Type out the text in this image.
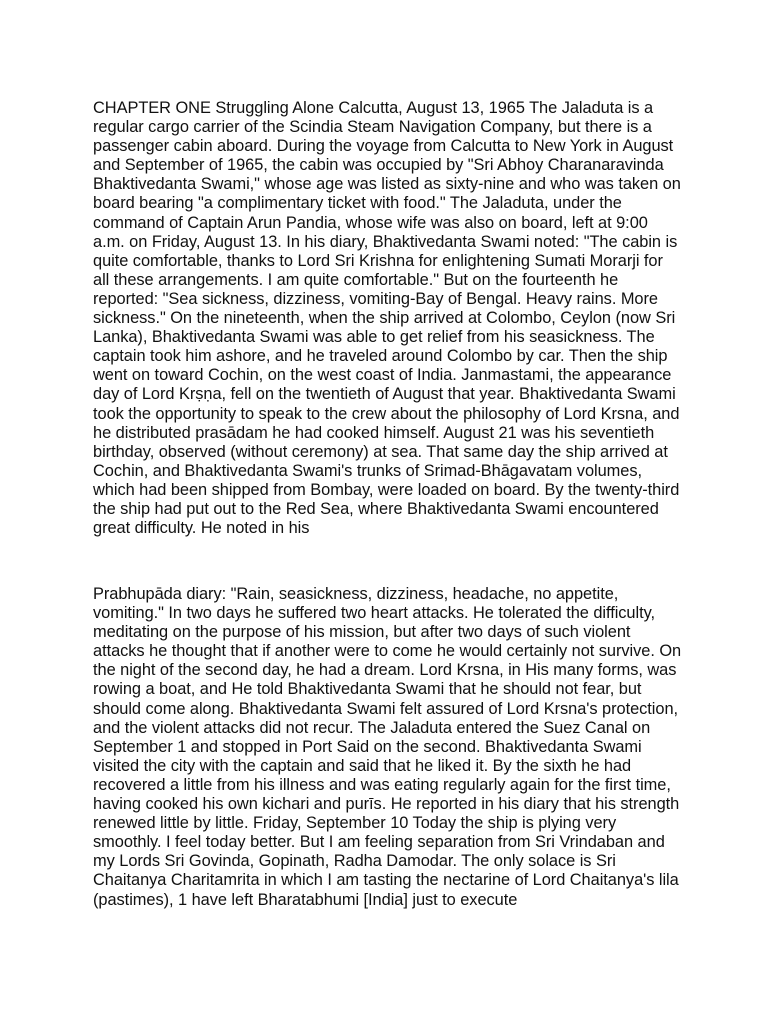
CHAPTER ONE Struggling Alone Calcutta, August 13, 1965 The Jaladuta is a regular cargo carrier of the Scindia Steam Navigation Company, but there is a passenger cabin aboard. During the voyage from Calcutta to New York in August and September of 1965, the cabin was occupied by "Sri Abhoy Charanaravinda Bhaktivedanta Swami," whose age was listed as sixty-nine and who was taken on board bearing "a complimentary ticket with food." The Jaladuta, under the command of Captain Arun Pandia, whose wife was also on board, left at 9:00 a.m. on Friday, August 13. In his diary, Bhaktivedanta Swami noted: "The cabin is quite comfortable, thanks to Lord Sri Krishna for enlightening Sumati Morarji for all these arrangements. I am quite comfortable." But on the fourteenth he reported: "Sea sickness, dizziness, vomiting-Bay of Bengal. Heavy rains. More sickness." On the nineteenth, when the ship arrived at Colombo, Ceylon (now Sri Lanka), Bhaktivedanta Swami was able to get relief from his seasickness. The captain took him ashore, and he traveled around Colombo by car. Then the ship went on toward Cochin, on the west coast of India. Janmastami, the appearance day of Lord Krṣṇa, fell on the twentieth of August that year. Bhaktivedanta Swami took the opportunity to speak to the crew about the philosophy of Lord Krsna, and he distributed prasādam he had cooked himself. August 21 was his seventieth birthday, observed (without ceremony) at sea. That same day the ship arrived at Cochin, and Bhaktivedanta Swami's trunks of Srimad-Bhāgavatam volumes, which had been shipped from Bombay, were loaded on board. By the twenty-third the ship had put out to the Red Sea, where Bhaktivedanta Swami encountered great difficulty. He noted in his

Prabhupāda diary: "Rain, seasickness, dizziness, headache, no appetite, vomiting." In two days he suffered two heart attacks. He tolerated the difficulty, meditating on the purpose of his mission, but after two days of such violent attacks he thought that if another were to come he would certainly not survive. On the night of the second day, he had a dream. Lord Krsna, in His many forms, was rowing a boat, and He told Bhaktivedanta Swami that he should not fear, but should come along. Bhaktivedanta Swami felt assured of Lord Krsna's protection, and the violent attacks did not recur. The Jaladuta entered the Suez Canal on September 1 and stopped in Port Said on the second. Bhaktivedanta Swami visited the city with the captain and said that he liked it. By the sixth he had recovered a little from his illness and was eating regularly again for the first time, having cooked his own kichari and purīs. He reported in his diary that his strength renewed little by little. Friday, September 10 Today the ship is plying very smoothly. I feel today better. But I am feeling separation from Sri Vrindaban and my Lords Sri Govinda, Gopinath, Radha Damodar. The only solace is Sri Chaitanya Charitamrita in which I am tasting the nectarine of Lord Chaitanya's lila (pastimes), 1 have left Bharatabhumi [India] just to execute
